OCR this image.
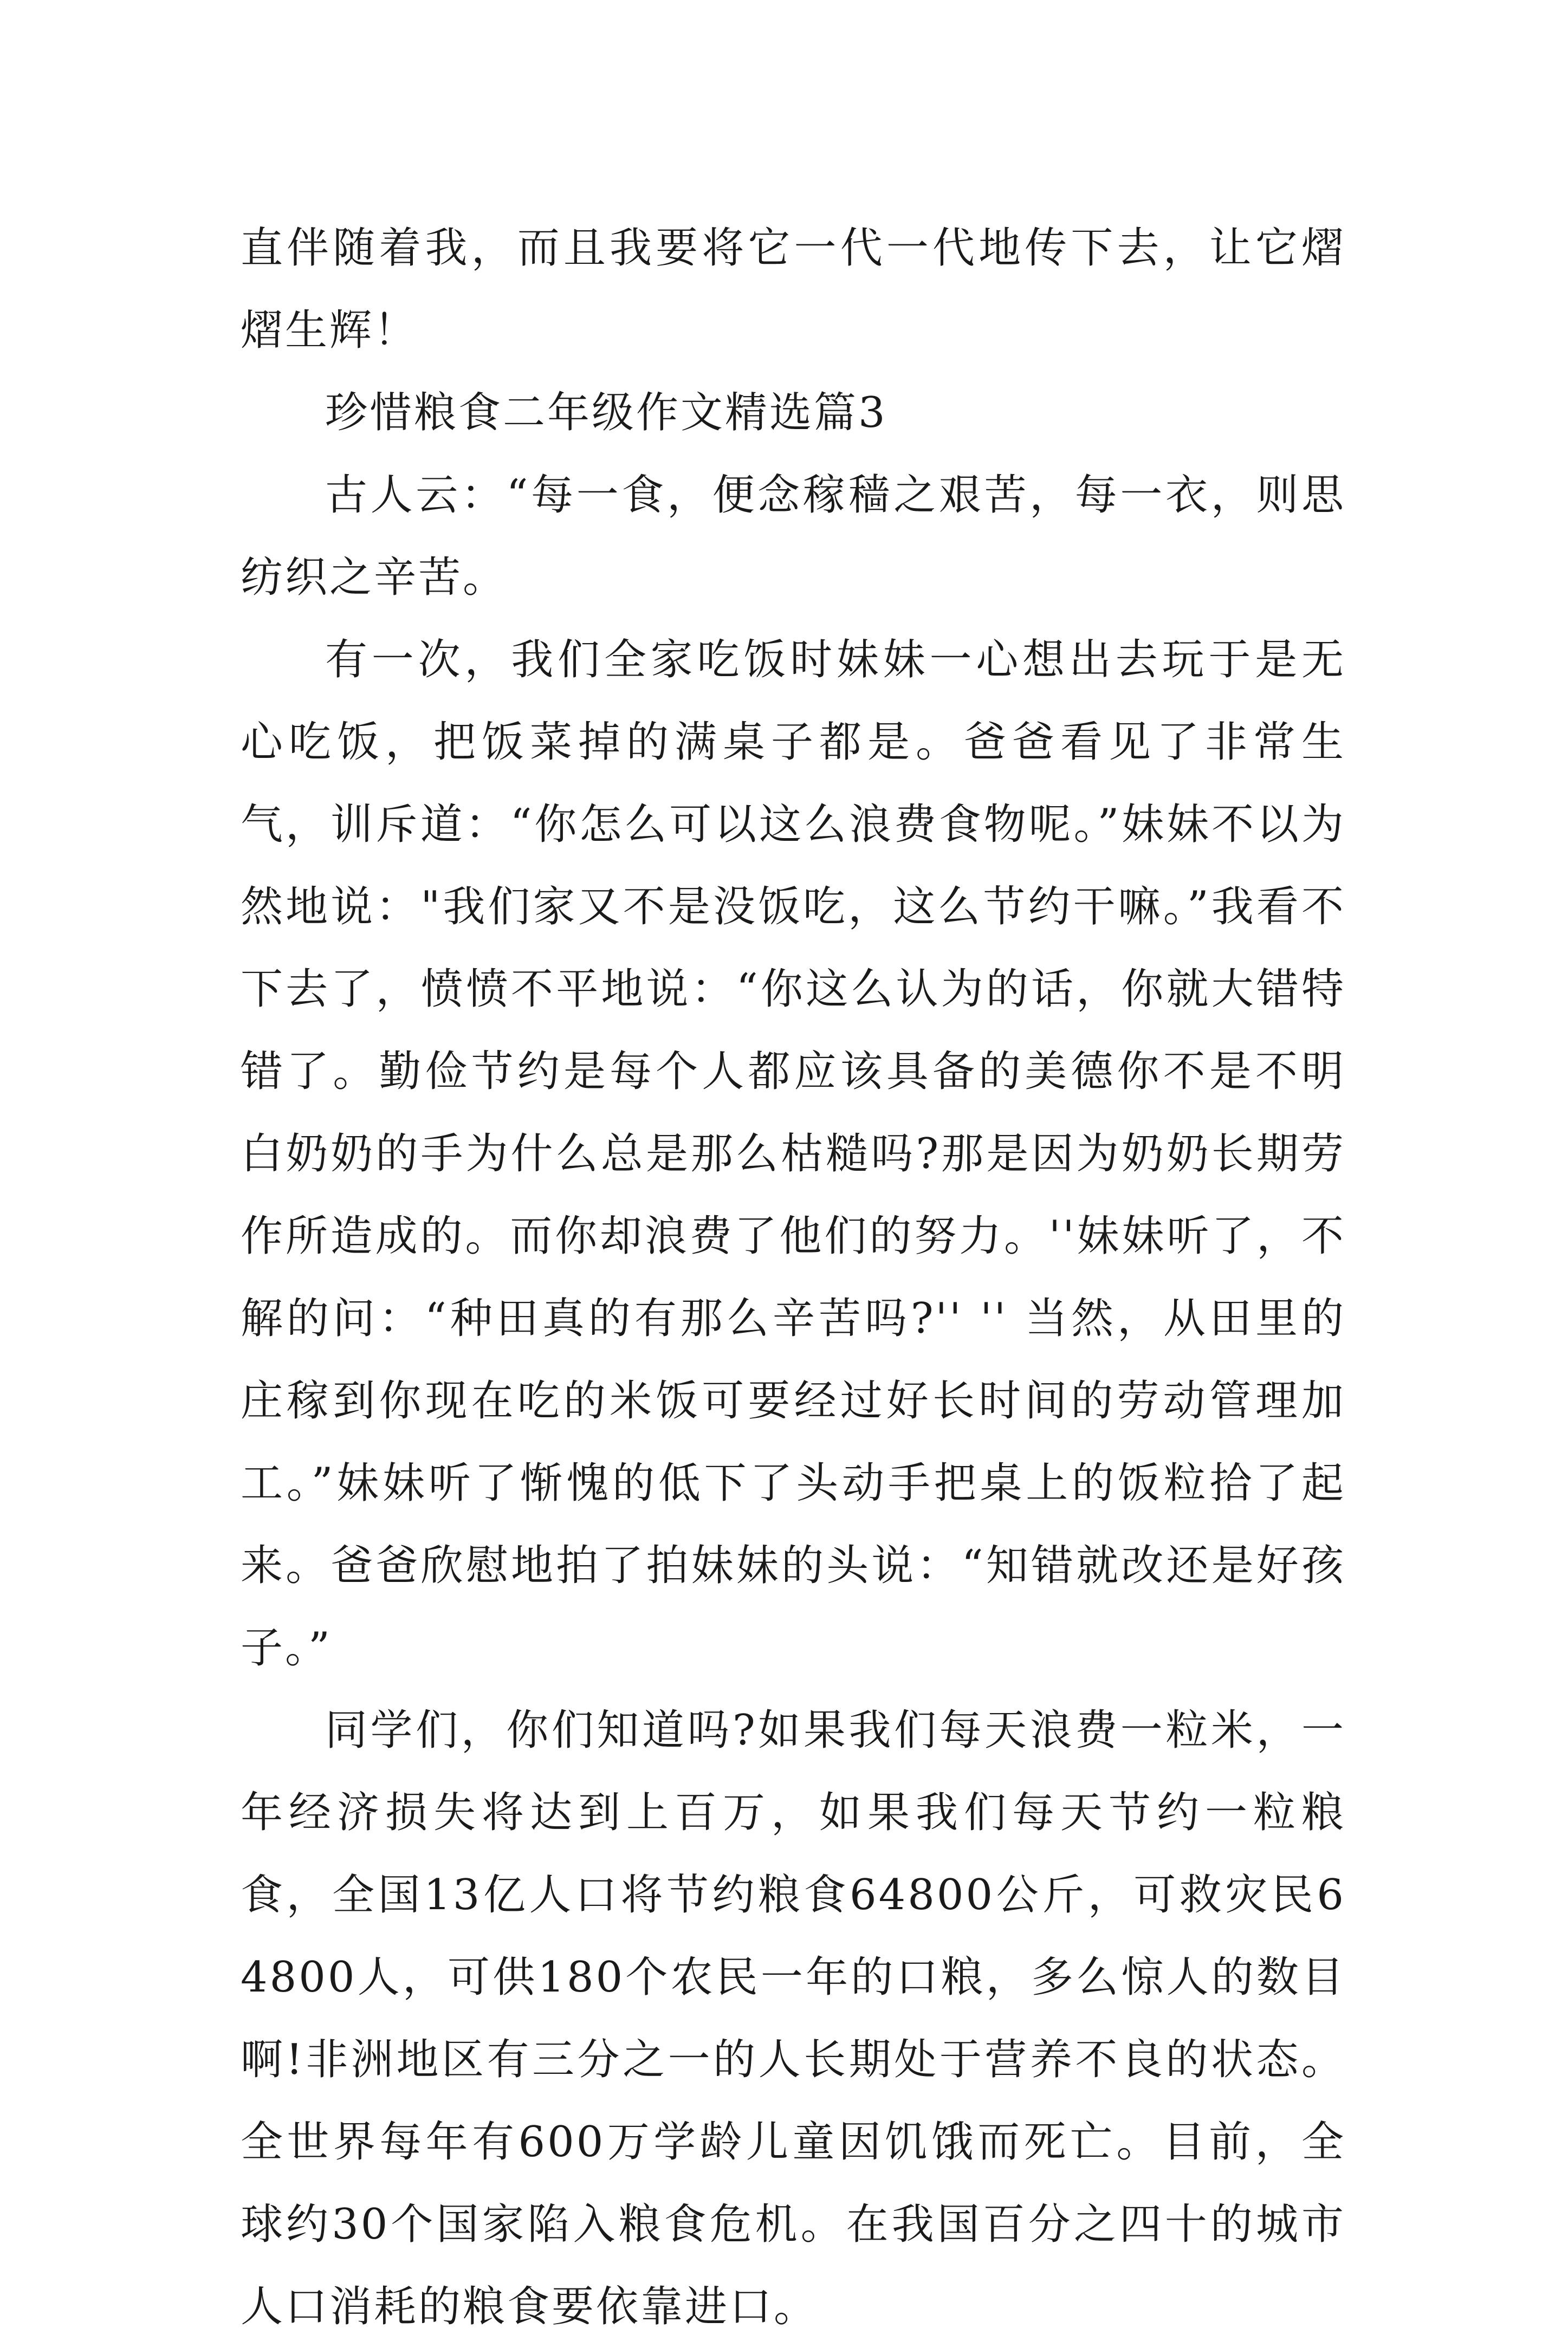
直伴随着我，而且我要将它一代一代地传下去，让它熠熠生辉！

珍惜粮食二年级作文精选篇3

古人云：“每一食，便念稼穑之艰苦，每一衣，则思纺织之辛苦。

有一次，我们全家吃饭时妹妹一心想出去玩于是无心吃饭，把饭菜掉的满桌子都是。爸爸看见了非常生气，训斥道：“你怎么可以这么浪费食物呢。”妹妹不以为然地说："我们家又不是没饭吃，这么节约干嘛。”我看不下去了，愤愤不平地说：“你这么认为的话，你就大错特错了。勤俭节约是每个人都应该具备的美德你不是不明白奶奶的手为什么总是那么枯糙吗?那是因为奶奶长期劳作所造成的。而你却浪费了他们的努力。''妹妹听了，不解的问：“种田真的有那么辛苦吗?'' '' 当然，从田里的庄稼到你现在吃的米饭可要经过好长时间的劳动管理加工。”妹妹听了惭愧的低下了头动手把桌上的饭粒拾了起来。爸爸欣慰地拍了拍妹妹的头说：“知错就改还是好孩子。”

同学们，你们知道吗?如果我们每天浪费一粒米，一年经济损失将达到上百万，如果我们每天节约一粒粮食，全国13亿人口将节约粮食64800公斤，可救灾民64800人，可供180个农民一年的口粮，多么惊人的数目啊!非洲地区有三分之一的人长期处于营养不良的状态。全世界每年有600万学龄儿童因饥饿而死亡。目前，全球约30个国家陷入粮食危机。在我国百分之四十的城市人口消耗的粮食要依靠进口。
